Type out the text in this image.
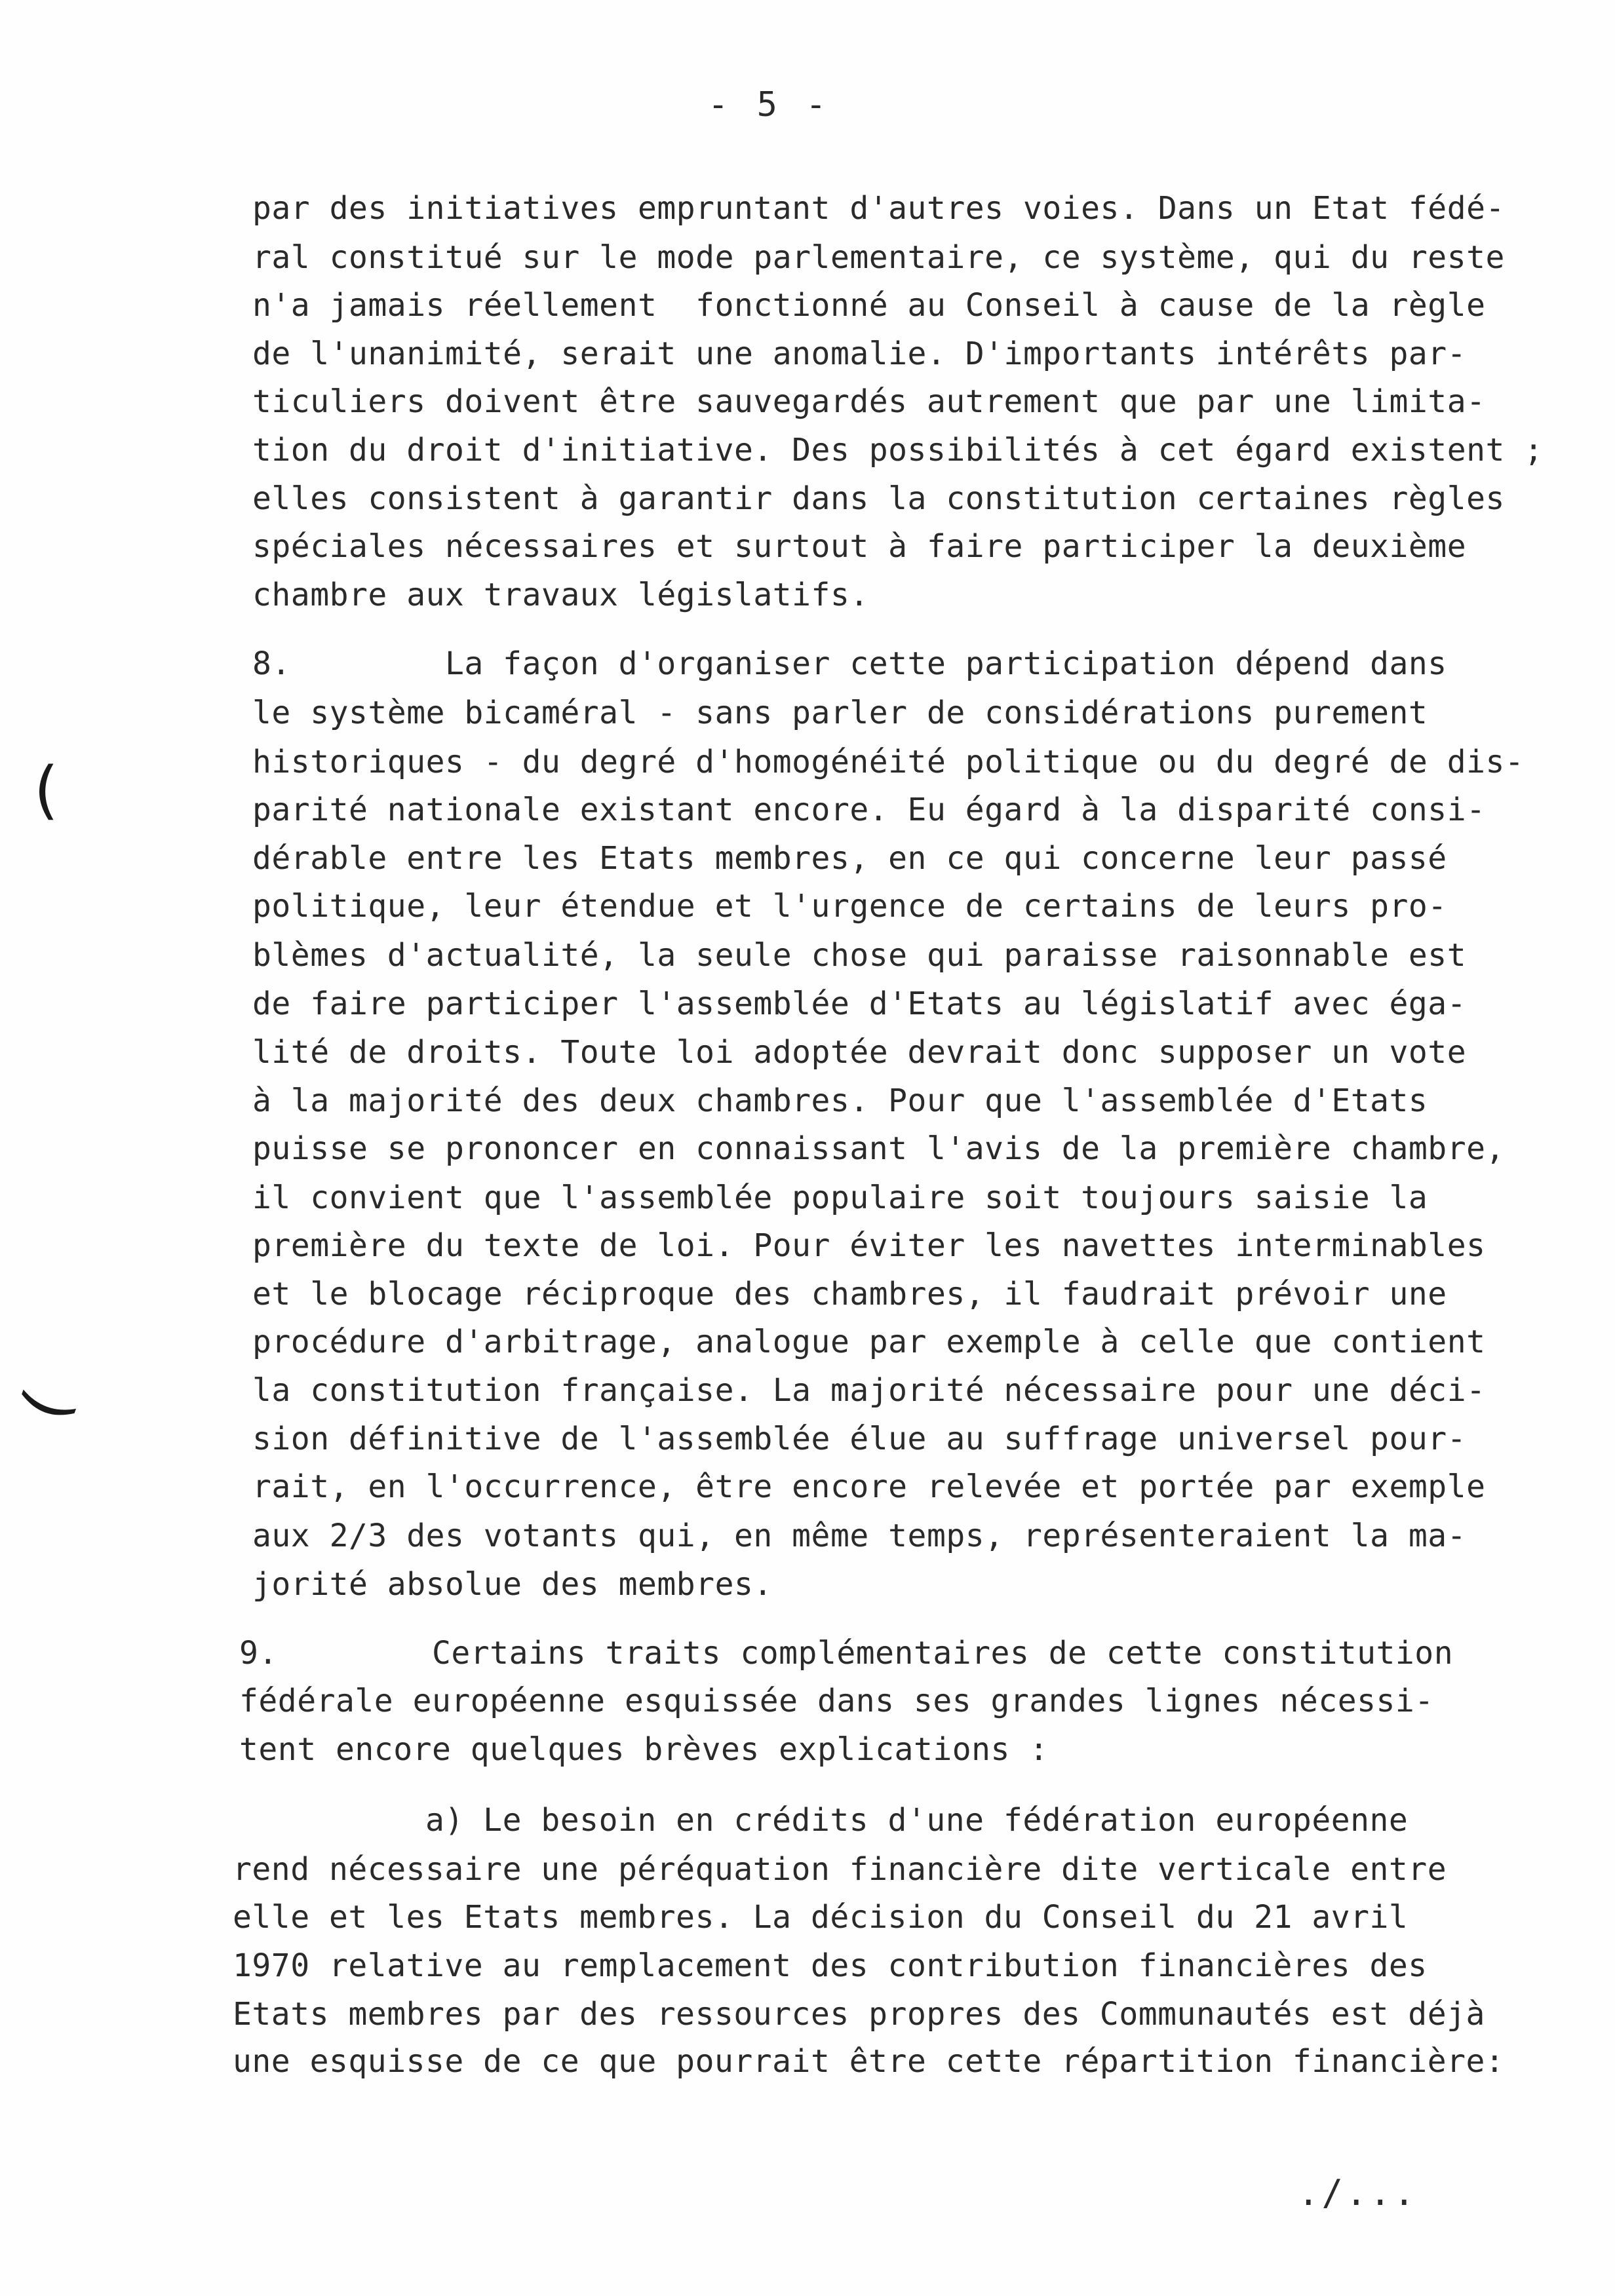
- 5 -
par des initiatives empruntant d'autres voies. Dans un Etat fédé-
ral constitué sur le mode parlementaire, ce système, qui du reste
n'a jamais réellement  fonctionné au Conseil à cause de la règle
de l'unanimité, serait une anomalie. D'importants intérêts par-
ticuliers doivent être sauvegardés autrement que par une limita-
tion du droit d'initiative. Des possibilités à cet égard existent ;
elles consistent à garantir dans la constitution certaines règles
spéciales nécessaires et surtout à faire participer la deuxième
chambre aux travaux législatifs.
8.        La façon d'organiser cette participation dépend dans
le système bicaméral - sans parler de considérations purement
historiques - du degré d'homogénéité politique ou du degré de dis-
parité nationale existant encore. Eu égard à la disparité consi-
dérable entre les Etats membres, en ce qui concerne leur passé
politique, leur étendue et l'urgence de certains de leurs pro-
blèmes d'actualité, la seule chose qui paraisse raisonnable est
de faire participer l'assemblée d'Etats au législatif avec éga-
lité de droits. Toute loi adoptée devrait donc supposer un vote
à la majorité des deux chambres. Pour que l'assemblée d'Etats
puisse se prononcer en connaissant l'avis de la première chambre,
il convient que l'assemblée populaire soit toujours saisie la
première du texte de loi. Pour éviter les navettes interminables
et le blocage réciproque des chambres, il faudrait prévoir une
procédure d'arbitrage, analogue par exemple à celle que contient
la constitution française. La majorité nécessaire pour une déci-
sion définitive de l'assemblée élue au suffrage universel pour-
rait, en l'occurrence, être encore relevée et portée par exemple
aux 2/3 des votants qui, en même temps, représenteraient la ma-
jorité absolue des membres.
9.        Certains traits complémentaires de cette constitution
fédérale européenne esquissée dans ses grandes lignes nécessi-
tent encore quelques brèves explications :
a) Le besoin en crédits d'une fédération européenne
rend nécessaire une péréquation financière dite verticale entre
elle et les Etats membres. La décision du Conseil du 21 avril
1970 relative au remplacement des contribution financières des
Etats membres par des ressources propres des Communautés est déjà
une esquisse de ce que pourrait être cette répartition financière:
(
(
./...
